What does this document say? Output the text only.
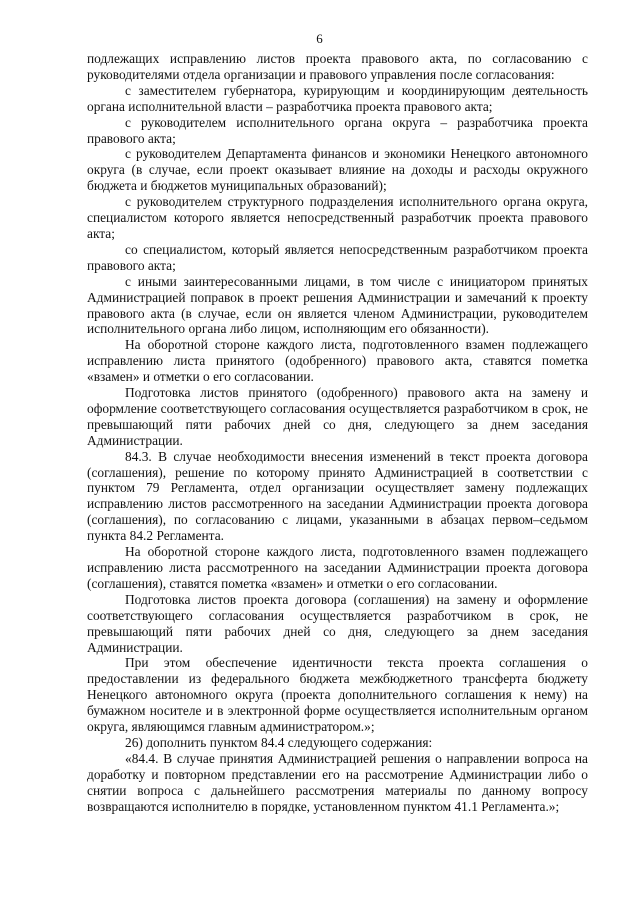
6

подлежащих исправлению листов проекта правового акта, по согласованию с руководителями отдела организации и правового управления после согласования:

с заместителем губернатора, курирующим и координирующим деятельность органа исполнительной власти – разработчика проекта правового акта;

с руководителем исполнительного органа округа – разработчика проекта правового акта;

с руководителем Департамента финансов и экономики Ненецкого автономного округа (в случае, если проект оказывает влияние на доходы и расходы окружного бюджета и бюджетов муниципальных образований);

с руководителем структурного подразделения исполнительного органа округа, специалистом которого является непосредственный разработчик проекта правового акта;

со специалистом, который является непосредственным разработчиком проекта правового акта;

с иными заинтересованными лицами, в том числе с инициатором принятых Администрацией поправок в проект решения Администрации и замечаний к проекту правового акта (в случае, если он является членом Администрации, руководителем исполнительного органа либо лицом, исполняющим его обязанности).

На оборотной стороне каждого листа, подготовленного взамен подлежащего исправлению листа принятого (одобренного) правового акта, ставятся пометка «взамен» и отметки о его согласовании.

Подготовка листов принятого (одобренного) правового акта на замену и оформление соответствующего согласования осуществляется разработчиком в срок, не превышающий пяти рабочих дней со дня, следующего за днем заседания Администрации.

84.3. В случае необходимости внесения изменений в текст проекта договора (соглашения), решение по которому принято Администрацией в соответствии с пунктом 79 Регламента, отдел организации осуществляет замену подлежащих исправлению листов рассмотренного на заседании Администрации проекта договора (соглашения), по согласованию с лицами, указанными в абзацах первом–седьмом пункта 84.2 Регламента.

На оборотной стороне каждого листа, подготовленного взамен подлежащего исправлению листа рассмотренного на заседании Администрации проекта договора (соглашения), ставятся пометка «взамен» и отметки о его согласовании.

Подготовка листов проекта договора (соглашения) на замену и оформление соответствующего согласования осуществляется разработчиком в срок, не превышающий пяти рабочих дней со дня, следующего за днем заседания Администрации.

При этом обеспечение идентичности текста проекта соглашения о предоставлении из федерального бюджета межбюджетного трансферта бюджету Ненецкого автономного округа (проекта дополнительного соглашения к нему) на бумажном носителе и в электронной форме осуществляется исполнительным органом округа, являющимся главным администратором.»;

26) дополнить пунктом 84.4 следующего содержания:

«84.4. В случае принятия Администрацией решения о направлении вопроса на доработку и повторном представлении его на рассмотрение Администрации либо о снятии вопроса с дальнейшего рассмотрения материалы по данному вопросу возвращаются исполнителю в порядке, установленном пунктом 41.1 Регламента.»;
